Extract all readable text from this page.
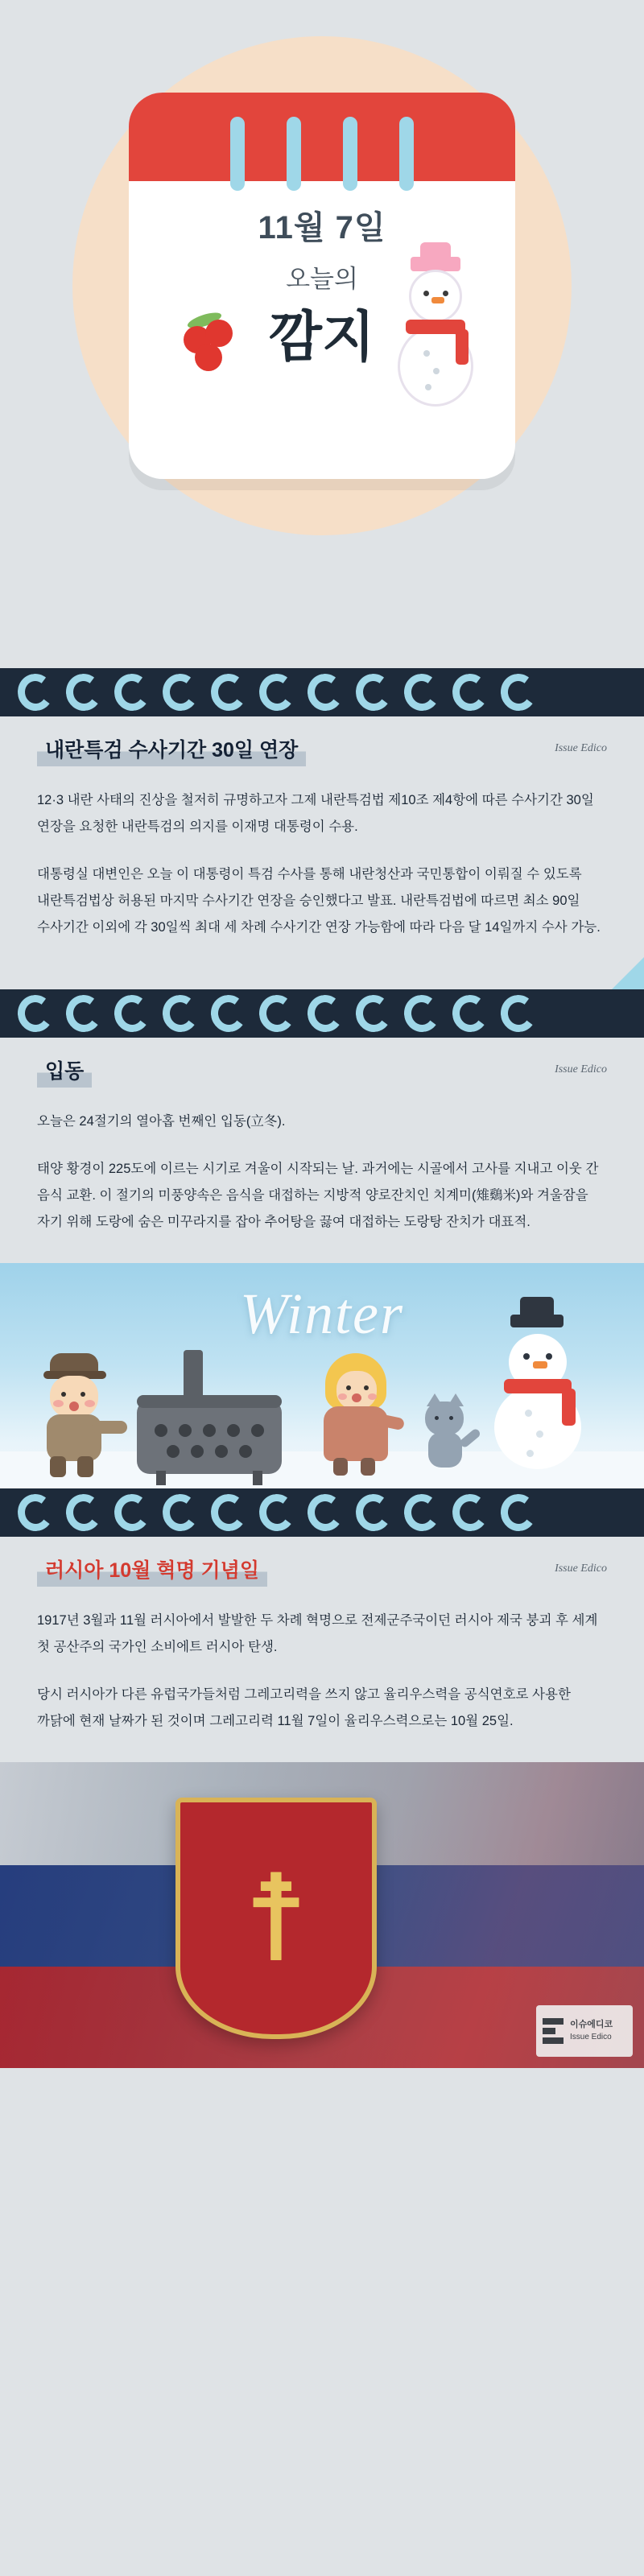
11월 7일
오늘의
깜지
내란특검 수사기간 30일 연장	Issue Edico

12·3 내란 사태의 진상을 철저히 규명하고자 그제 내란특검법 제10조 제4항에 따른 수사기간 30일 연장을 요청한 내란특검의 의지를 이재명 대통령이 수용.

대통령실 대변인은 오늘 이 대통령이 특검 수사를 통해 내란청산과 국민통합이 이뤄질 수 있도록 내란특검법상 허용된 마지막 수사기간 연장을 승인했다고 발표. 내란특검법에 따르면 최소 90일 수사기간 이외에 각 30일씩 최대 세 차례 수사기간 연장 가능함에 따라 다음 달 14일까지 수사 가능.

입동	Issue Edico

오늘은 24절기의 열아홉 번째인 입동(立冬).

태양 황경이 225도에 이르는 시기로 겨울이 시작되는 날. 과거에는 시골에서 고사를 지내고 이웃 간 음식 교환. 이 절기의 미풍양속은 음식을 대접하는 지방적 양로잔치인 치계미(雉鷄米)와 겨울잠을 자기 위해 도랑에 숨은 미꾸라지를 잡아 추어탕을 끓여 대접하는 도랑탕 잔치가 대표적.

Winter
러시아 10월 혁명 기념일	Issue Edico

1917년 3월과 11월 러시아에서 발발한 두 차례 혁명으로 전제군주국이던 러시아 제국 붕괴 후 세계 첫 공산주의 국가인 소비에트 러시아 탄생.

당시 러시아가 다른 유럽국가들처럼 그레고리력을 쓰지 않고 율리우스력을 공식연호로 사용한 까닭에 현재 날짜가 된 것이며 그레고리력 11월 7일이 율리우스력으로는 10월 25일.

☨
이슈에디코
Issue Edico
